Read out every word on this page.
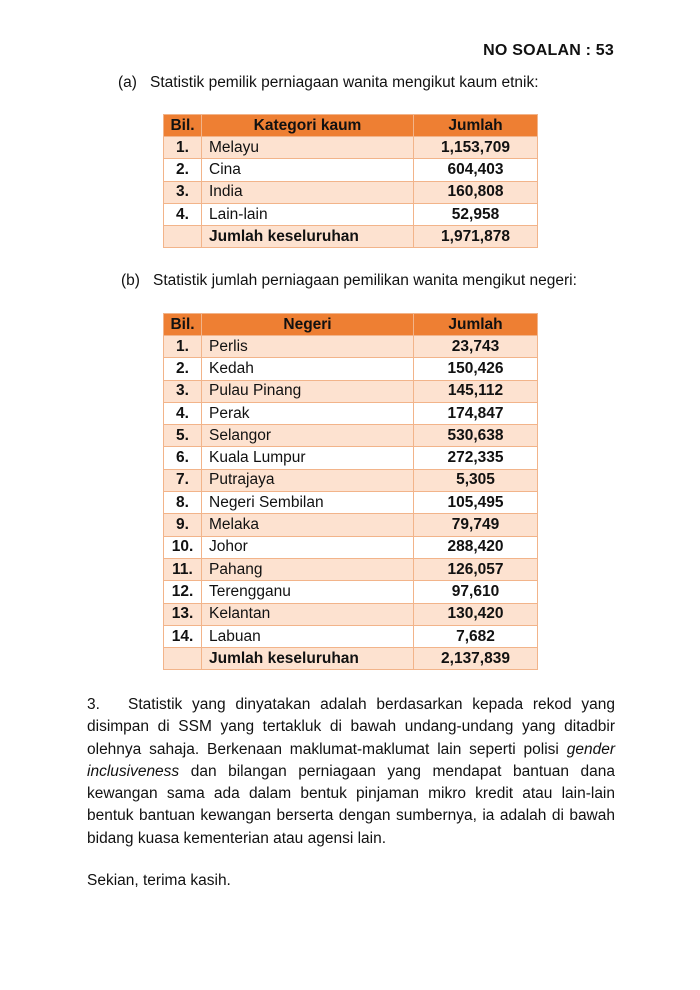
NO SOALAN : 53
(a) Statistik pemilik perniagaan wanita mengikut kaum etnik:
Bil.	Kategori kaum	Jumlah
1.	Melayu	1,153,709
2.	Cina	604,403
3.	India	160,808
4.	Lain-lain	52,958
	Jumlah keseluruhan	1,971,878
(b) Statistik jumlah perniagaan pemilikan wanita mengikut negeri:
Bil.	Negeri	Jumlah
1.	Perlis	23,743
2.	Kedah	150,426
3.	Pulau Pinang	145,112
4.	Perak	174,847
5.	Selangor	530,638
6.	Kuala Lumpur	272,335
7.	Putrajaya	5,305
8.	Negeri Sembilan	105,495
9.	Melaka	79,749
10.	Johor	288,420
11.	Pahang	126,057
12.	Terengganu	97,610
13.	Kelantan	130,420
14.	Labuan	7,682
	Jumlah keseluruhan	2,137,839
3. Statistik yang dinyatakan adalah berdasarkan kepada rekod yang disimpan di SSM yang tertakluk di bawah undang-undang yang ditadbir olehnya sahaja. Berkenaan maklumat-maklumat lain seperti polisi gender inclusiveness dan bilangan perniagaan yang mendapat bantuan dana kewangan sama ada dalam bentuk pinjaman mikro kredit atau lain-lain bentuk bantuan kewangan berserta dengan sumbernya, ia adalah di bawah bidang kuasa kementerian atau agensi lain.
Sekian, terima kasih.
